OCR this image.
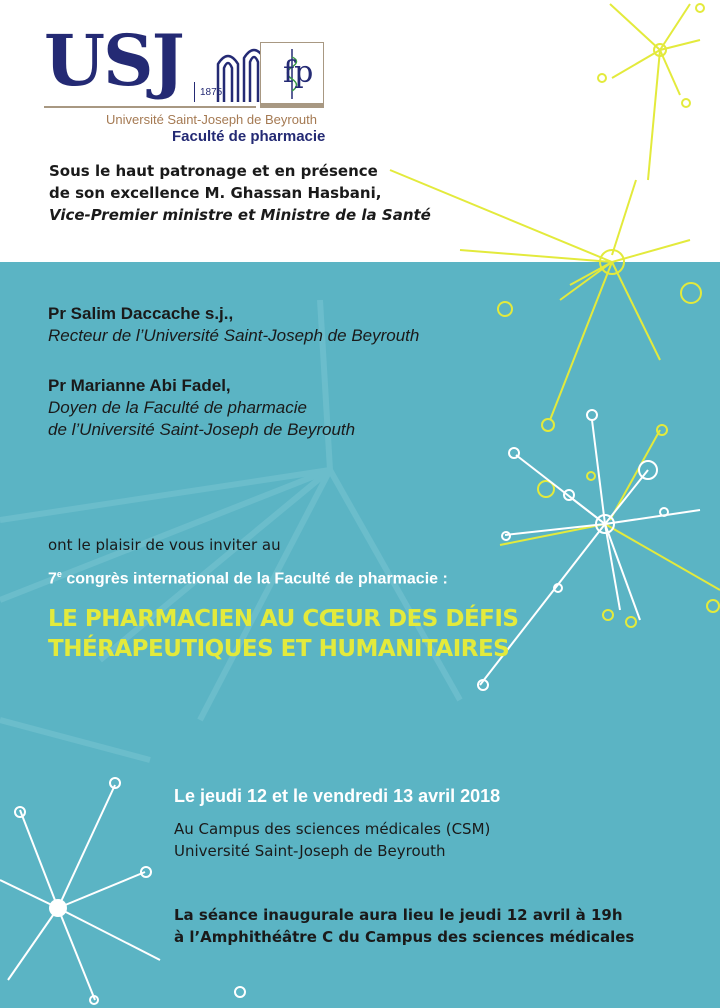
USJ 1875
Université Saint-Joseph de Beyrouth
Faculté de pharmacie
fp
Sous le haut patronage et en présence
de son excellence M. Ghassan Hasbani,
Vice-Premier ministre et Ministre de la Santé
Pr Salim Daccache s.j.,
Recteur de l’Université Saint-Joseph de Beyrouth
Pr Marianne Abi Fadel,
Doyen de la Faculté de pharmacie
de l’Université Saint-Joseph de Beyrouth
ont le plaisir de vous inviter au
7e congrès international de la Faculté de pharmacie :
LE PHARMACIEN AU CŒUR DES DÉFIS
THÉRAPEUTIQUES ET HUMANITAIRES
Le jeudi 12 et le vendredi 13 avril 2018
Au Campus des sciences médicales (CSM)
Université Saint-Joseph de Beyrouth
La séance inaugurale aura lieu le jeudi 12 avril à 19h
à l’Amphithéâtre C du Campus des sciences médicales
